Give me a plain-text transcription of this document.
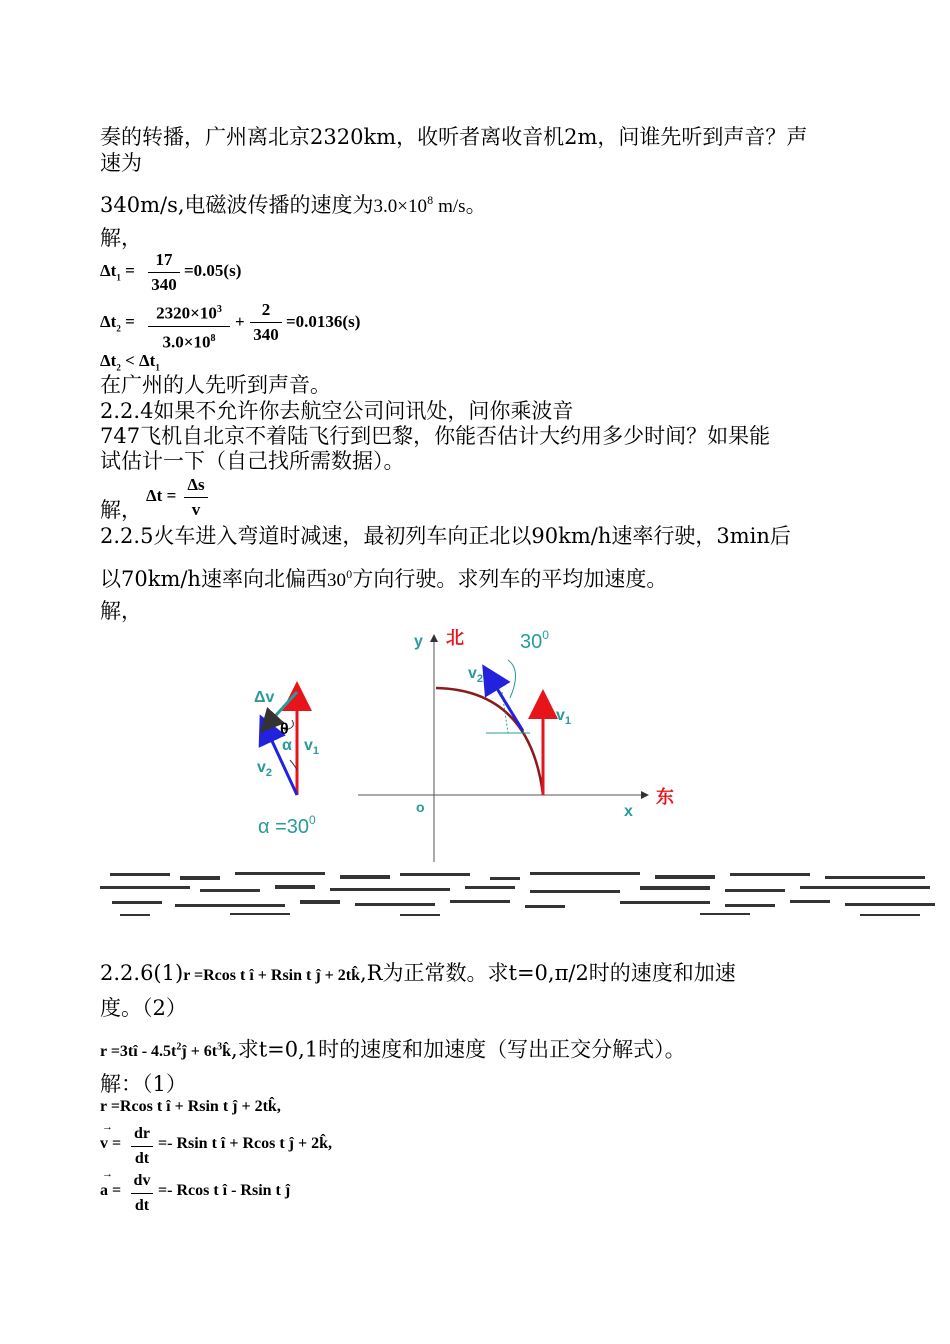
奏的转播，广州离北京2320km，收听者离收音机2m，问谁先听到声音？声
速为
340m/s,电磁波传播的速度为$3.0\times 10^8$ m/s。
解，
$\Delta t_1$ =
17
340
=0.05(s)
$\Delta t_2$ =	$2320\times 10^3$
$3.0\times 10^8$
+
2
340
=0.0136(s)
$\Delta t_2 < \Delta t_1$
在广州的人先听到声音。
2.2.4如果不允许你去航空公司问讯处，问你乘波音
747飞机自北京不着陆飞行到巴黎，你能否估计大约用多少时间？如果能
试估计一下（自己找所需数据）。
解，
Δt =
Δs
v
2.2.5火车进入弯道时减速，最初列车向正北以90km/h速率行驶，3min后
以70km/h速率向北偏西$30^0$方向行驶。求列车的平均加速度。
解，
Δv
θ
α $v_1$
$v_2$
$\alpha =30^0$
y 北	$30^0$
o	x
东
$v_1$
$v_2$
2.2.6(1)r =Rcos t î + Rsin t ĵ + 2tk̂,R为正常数。求t=0,π/2时的速度和加速
度。（2）
r =3tî - $4.5t^2ĵ$ + $6t^3k̂$,求t=0,1时的速度和加速度（写出正交分解式）。
解：（1）
r =Rcos t î + Rsin t ĵ + 2tk̂,
→
v =
dr
dt
=- Rsin t î + Rcos t ĵ + 2k̂,
→
a =
dv
dt
=- Rcos t î - Rsin t ĵ
